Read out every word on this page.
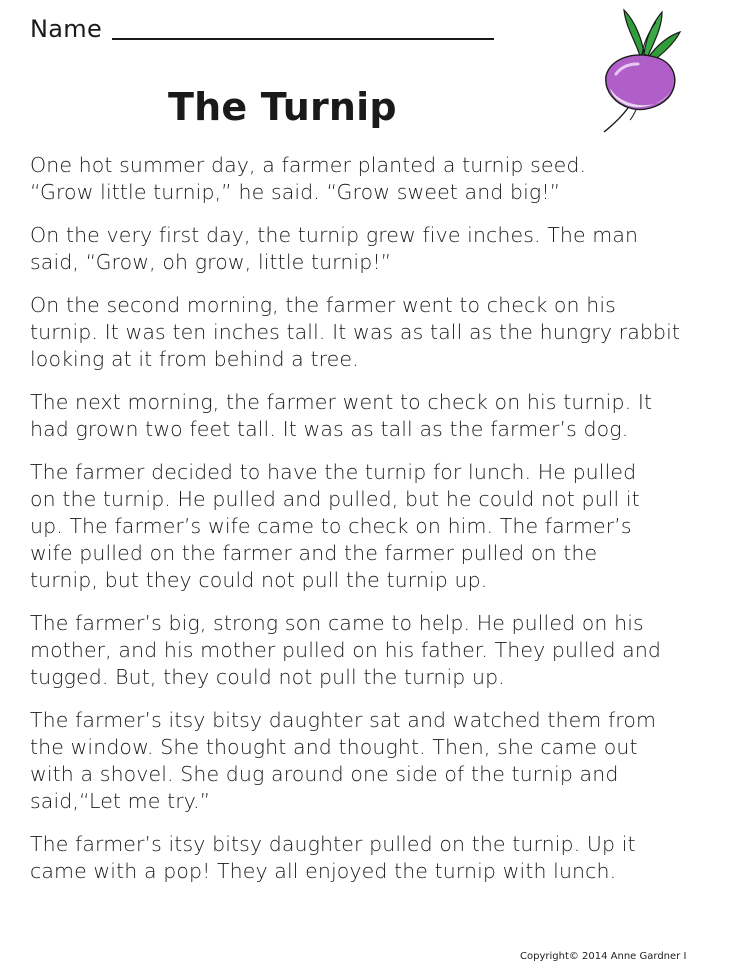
Name
The Turnip

One hot summer day, a farmer planted a turnip seed.
“Grow little turnip,” he said. “Grow sweet and big!”

On the very first day, the turnip grew five inches. The man
said, “Grow, oh grow, little turnip!”

On the second morning, the farmer went to check on his
turnip. It was ten inches tall. It was as tall as the hungry rabbit
looking at it from behind a tree.

The next morning, the farmer went to check on his turnip. It
had grown two feet tall. It was as tall as the farmer’s dog.

The farmer decided to have the turnip for lunch. He pulled
on the turnip. He pulled and pulled, but he could not pull it
up. The farmer’s wife came to check on him. The farmer’s
wife pulled on the farmer and the farmer pulled on the
turnip, but they could not pull the turnip up.

The farmer’s big, strong son came to help. He pulled on his
mother, and his mother pulled on his father. They pulled and
tugged. But, they could not pull the turnip up.

The farmer’s itsy bitsy daughter sat and watched them from
the window. She thought and thought. Then, she came out
with a shovel. She dug around one side of the turnip and
said,“Let me try.”

The farmer’s itsy bitsy daughter pulled on the turnip. Up it
came with a pop! They all enjoyed the turnip with lunch.

Copyright© 2014 Anne Gardner I
